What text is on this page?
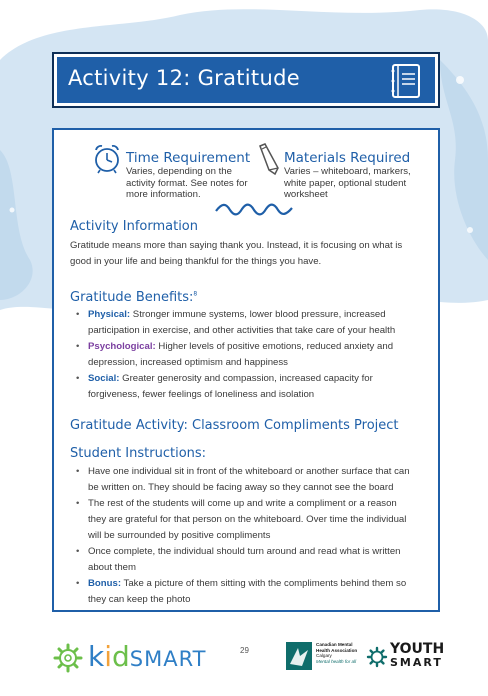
Activity 12: Gratitude
Time Requirement
Varies, depending on the activity format. See notes for more information.
Materials Required
Varies – whiteboard, markers, white paper, optional student worksheet
Activity Information
Gratitude means more than saying thank you. Instead, it is focusing on what is good in your life and being thankful for the things you have.
Gratitude Benefits:$^8$
• Physical: Stronger immune systems, lower blood pressure, increased participation in exercise, and other activities that take care of your health
• Psychological: Higher levels of positive emotions, reduced anxiety and depression, increased optimism and happiness
• Social: Greater generosity and compassion, increased capacity for forgiveness, fewer feelings of loneliness and isolation
Gratitude Activity: Classroom Compliments Project
Student Instructions:
• Have one individual sit in front of the whiteboard or another surface that can be written on. They should be facing away so they cannot see the board
• The rest of the students will come up and write a compliment or a reason they are grateful for that person on the whiteboard. Over time the individual will be surrounded by positive compliments
• Once complete, the individual should turn around and read what is written about them
• Bonus: Take a picture of them sitting with the compliments behind them so they can keep the photo
kidSMART	29
Canadian Mental
Health Association
Calgary
Mental health for all
YOUTH
SMART
